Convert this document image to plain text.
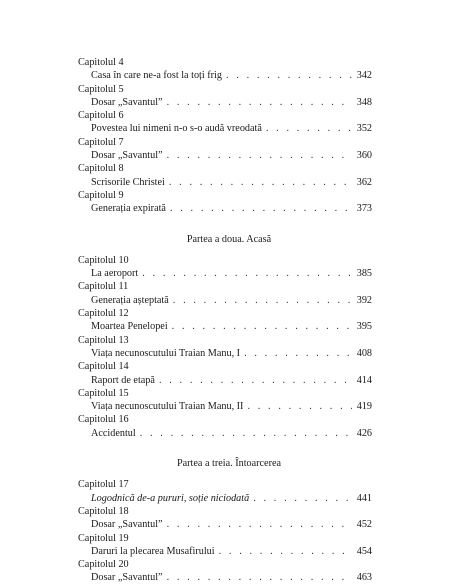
Capitolul 4
Casa în care ne-a fost la toți frig . . .	342
Capitolul 5
Dosar „Savantul” . . .	348
Capitolul 6
Povestea lui nimeni n-o s-o audă vreodată . . .	352
Capitolul 7
Dosar „Savantul” . . .	360
Capitolul 8
Scrisorile Christei . . .	362
Capitolul 9
Generația expirată . . .	373
Partea a doua. Acasă
Capitolul 10
La aeroport . . .	385
Capitolul 11
Generația așteptată . . .	392
Capitolul 12
Moartea Penelopei . . .	395
Capitolul 13
Viața necunoscutului Traian Manu, I . . .	408
Capitolul 14
Raport de etapă . . .	414
Capitolul 15
Viața necunoscutului Traian Manu, II . . .	419
Capitolul 16
Accidentul . . .	426
Partea a treia. Întoarcerea
Capitolul 17
Logodnică de-a pururi, soție niciodată . . .	441
Capitolul 18
Dosar „Savantul” . . .	452
Capitolul 19
Daruri la plecarea Musafirului . . .	454
Capitolul 20
Dosar „Savantul” . . .	463
